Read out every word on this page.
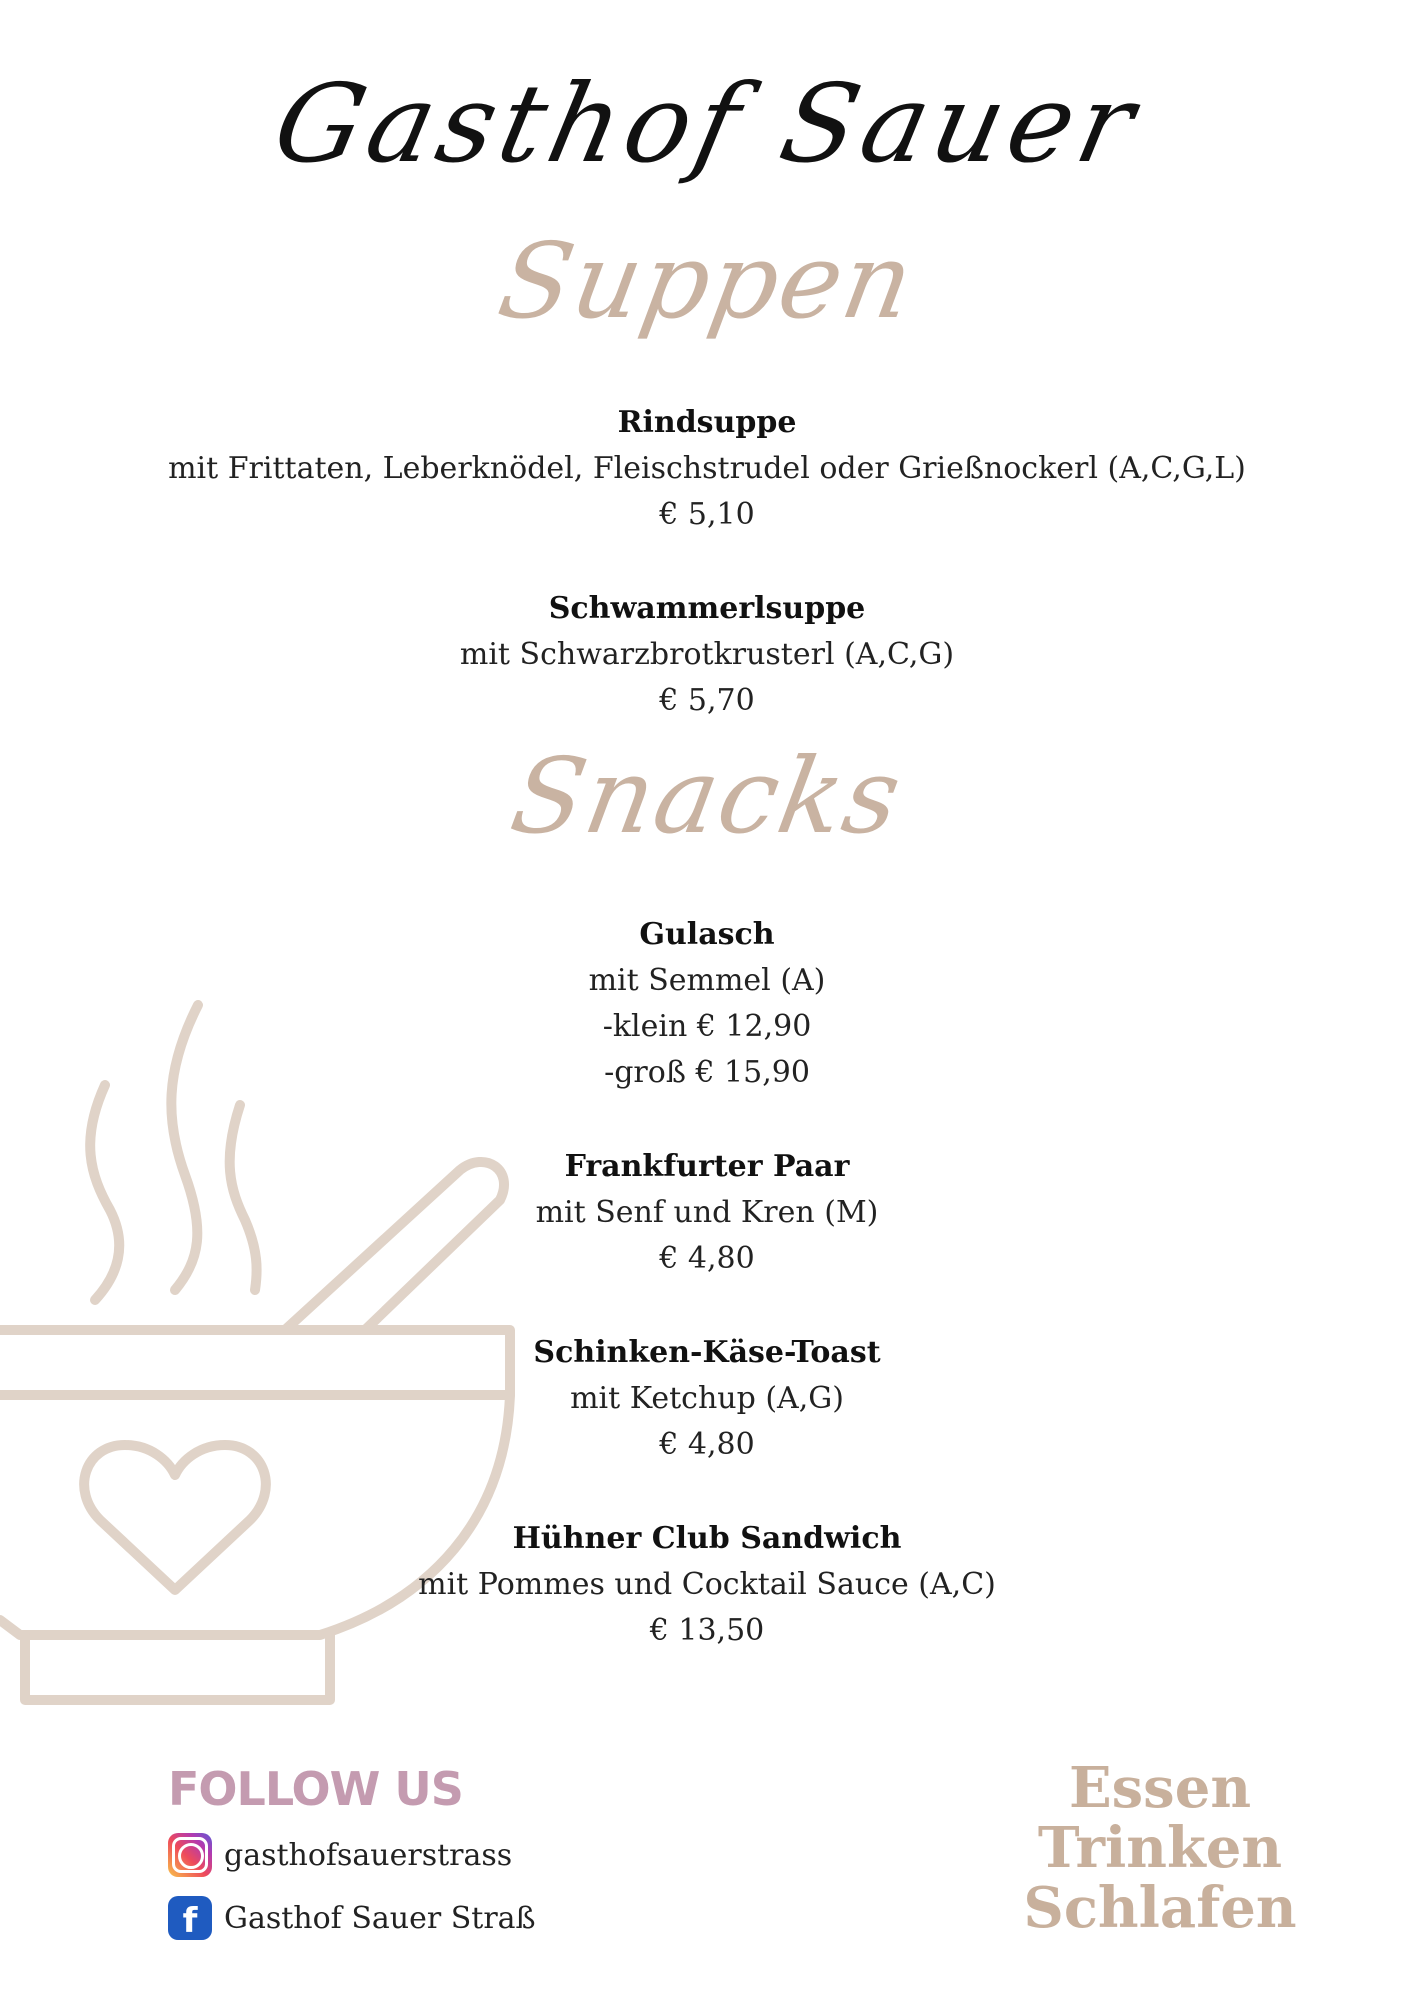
Gasthof Sauer
Suppen
Rindsuppe
mit Frittaten, Leberknödel, Fleischstrudel oder Grießnockerl (A,C,G,L)
€ 5,10
Schwammerlsuppe
mit Schwarzbrotkrusterl (A,C,G)
€ 5,70
Snacks
Gulasch
mit Semmel (A)
-klein € 12,90
-groß € 15,90
Frankfurter Paar
mit Senf und Kren (M)
€ 4,80
Schinken-Käse-Toast
mit Ketchup (A,G)
€ 4,80
Hühner Club Sandwich
mit Pommes und Cocktail Sauce (A,C)
€ 13,50
FOLLOW US
gasthofsauerstrass
f Gasthof Sauer Straß
Essen
Trinken
Schlafen
